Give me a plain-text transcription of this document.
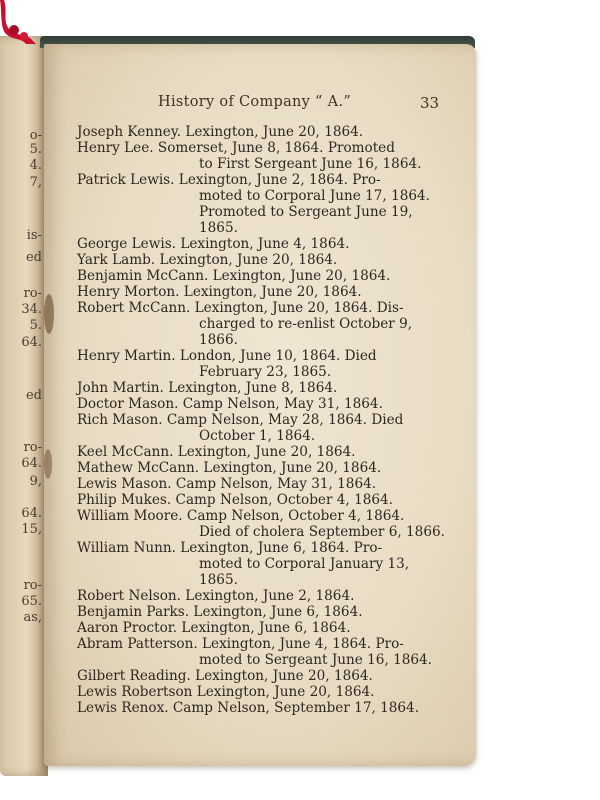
o-
5.
4.
7,
is-
ed
ro-
34.
5.
64.
ed
ro-
64.
9,
64.
15,
ro-
65.
as,
History of Company “ A.”	33
Joseph Kenney. Lexington, June 20, 1864.
Henry Lee. Somerset, June 8, 1864. Promoted
to First Sergeant June 16, 1864.
Patrick Lewis. Lexington, June 2, 1864. Pro-
moted to Corporal June 17, 1864.
Promoted to Sergeant June 19,
1865.
George Lewis. Lexington, June 4, 1864.
Yark Lamb. Lexington, June 20, 1864.
Benjamin McCann. Lexington, June 20, 1864.
Henry Morton. Lexington, June 20, 1864.
Robert McCann. Lexington, June 20, 1864. Dis-
charged to re-enlist October 9,
1866.
Henry Martin. London, June 10, 1864. Died
February 23, 1865.
John Martin. Lexington, June 8, 1864.
Doctor Mason. Camp Nelson, May 31, 1864.
Rich Mason. Camp Nelson, May 28, 1864. Died
October 1, 1864.
Keel McCann. Lexington, June 20, 1864.
Mathew McCann. Lexington, June 20, 1864.
Lewis Mason. Camp Nelson, May 31, 1864.
Philip Mukes. Camp Nelson, October 4, 1864.
William Moore. Camp Nelson, October 4, 1864.
Died of cholera September 6, 1866.
William Nunn. Lexington, June 6, 1864. Pro-
moted to Corporal January 13,
1865.
Robert Nelson. Lexington, June 2, 1864.
Benjamin Parks. Lexington, June 6, 1864.
Aaron Proctor. Lexington, June 6, 1864.
Abram Patterson. Lexington, June 4, 1864. Pro-
moted to Sergeant June 16, 1864.
Gilbert Reading. Lexington, June 20, 1864.
Lewis Robertson Lexington, June 20, 1864.
Lewis Renox. Camp Nelson, September 17, 1864.
